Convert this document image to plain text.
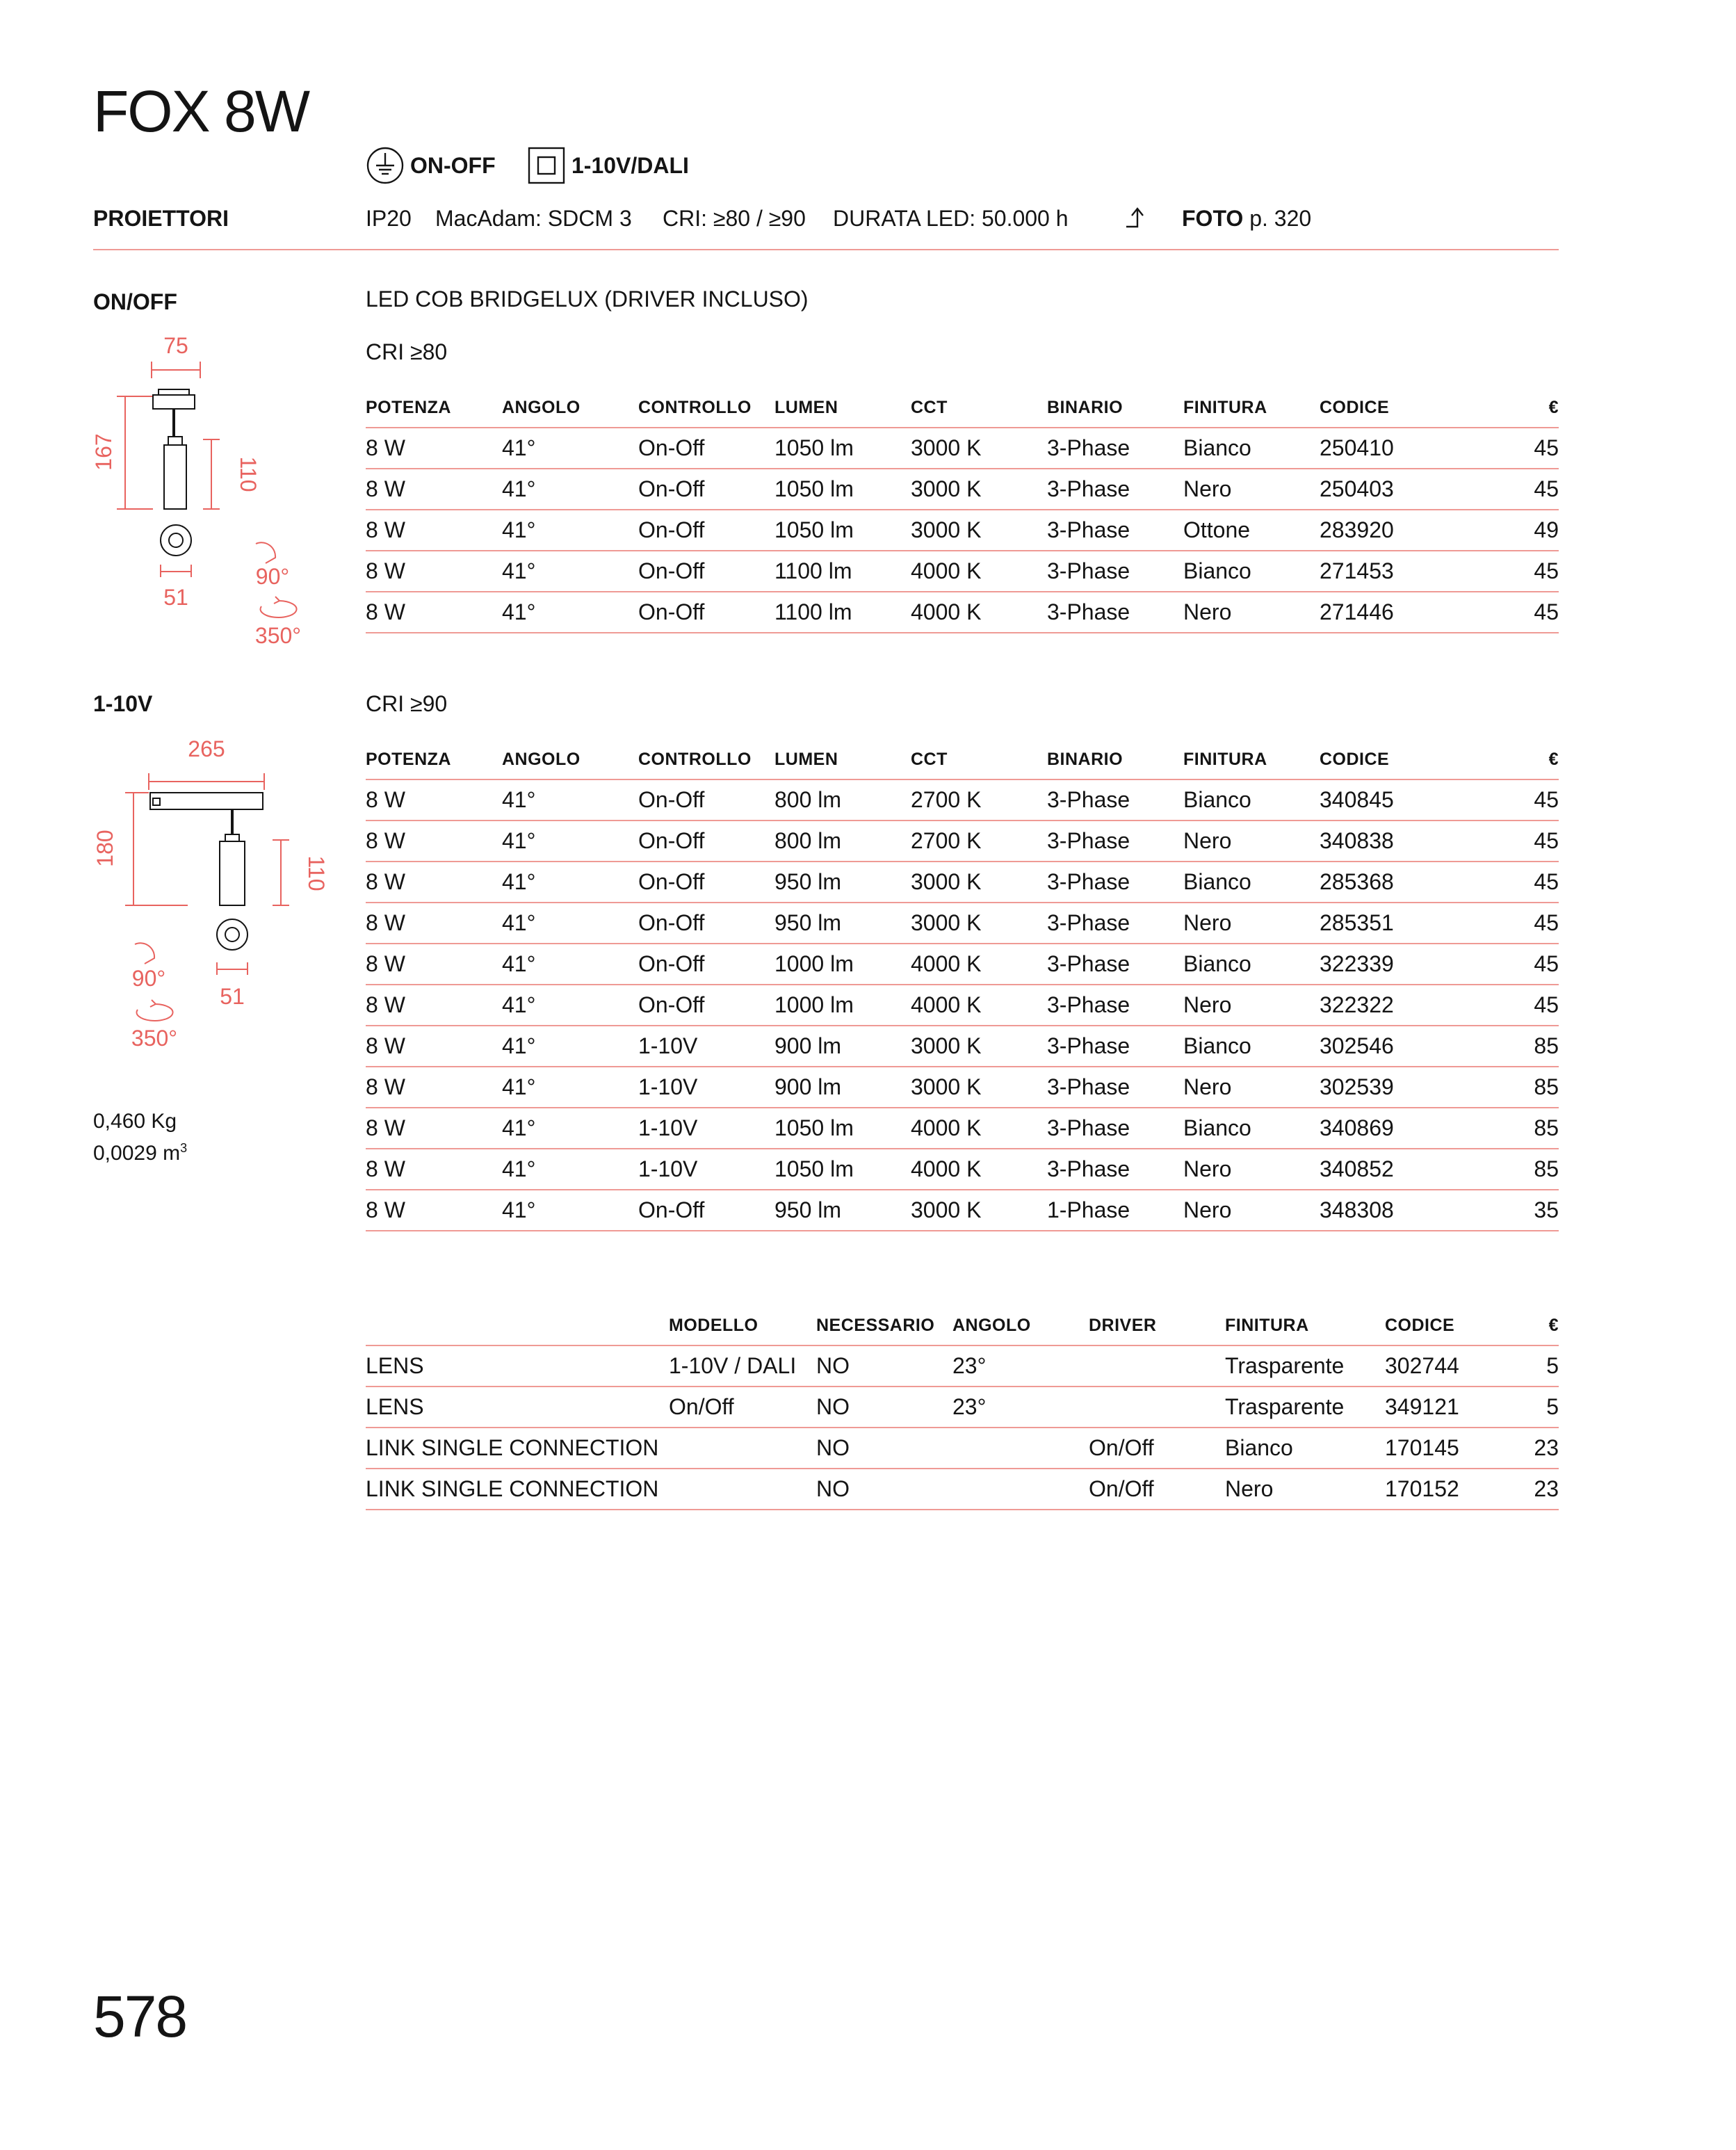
FOX 8W
ON-OFF	1-10V/DALI
PROIETTORI	IP20 MacAdam: SDCM 3 CRI: ≥80 / ≥90 DURATA LED: 50.000 h	FOTO p. 320
ON/OFF	LED COB BRIDGELUX (DRIVER INCLUSO)
CRI ≥80
1-10V	CRI ≥90
75
167
110
51
90°
350°
265
180
110
51
90°
350°
POTENZA	ANGOLO	CONTROLLO	LUMEN	CCT	BINARIO	FINITURA	CODICE	€
8 W	41°	On-Off	1050 lm	3000 K	3-Phase	Bianco	250410	45
8 W	41°	On-Off	1050 lm	3000 K	3-Phase	Nero	250403	45
8 W	41°	On-Off	1050 lm	3000 K	3-Phase	Ottone	283920	49
8 W	41°	On-Off	1100 lm	4000 K	3-Phase	Bianco	271453	45
8 W	41°	On-Off	1100 lm	4000 K	3-Phase	Nero	271446	45
POTENZA	ANGOLO	CONTROLLO	LUMEN	CCT	BINARIO	FINITURA	CODICE	€
8 W	41°	On-Off	800 lm	2700 K	3-Phase	Bianco	340845	45
8 W	41°	On-Off	800 lm	2700 K	3-Phase	Nero	340838	45
8 W	41°	On-Off	950 lm	3000 K	3-Phase	Bianco	285368	45
8 W	41°	On-Off	950 lm	3000 K	3-Phase	Nero	285351	45
8 W	41°	On-Off	1000 lm	4000 K	3-Phase	Bianco	322339	45
8 W	41°	On-Off	1000 lm	4000 K	3-Phase	Nero	322322	45
8 W	41°	1-10V	900 lm	3000 K	3-Phase	Bianco	302546	85
8 W	41°	1-10V	900 lm	3000 K	3-Phase	Nero	302539	85
8 W	41°	1-10V	1050 lm	4000 K	3-Phase	Bianco	340869	85
8 W	41°	1-10V	1050 lm	4000 K	3-Phase	Nero	340852	85
8 W	41°	On-Off	950 lm	3000 K	1-Phase	Nero	348308	35
	MODELLO	NECESSARIO	ANGOLO	DRIVER	FINITURA	CODICE	€
LENS	1-10V / DALI	NO	23°		Trasparente	302744	5
LENS	On/Off	NO	23°		Trasparente	349121	5
LINK SINGLE CONNECTION		NO		On/Off	Bianco	170145	23
LINK SINGLE CONNECTION		NO		On/Off	Nero	170152	23
0,460 Kg
0,0029 $m^3$
578
